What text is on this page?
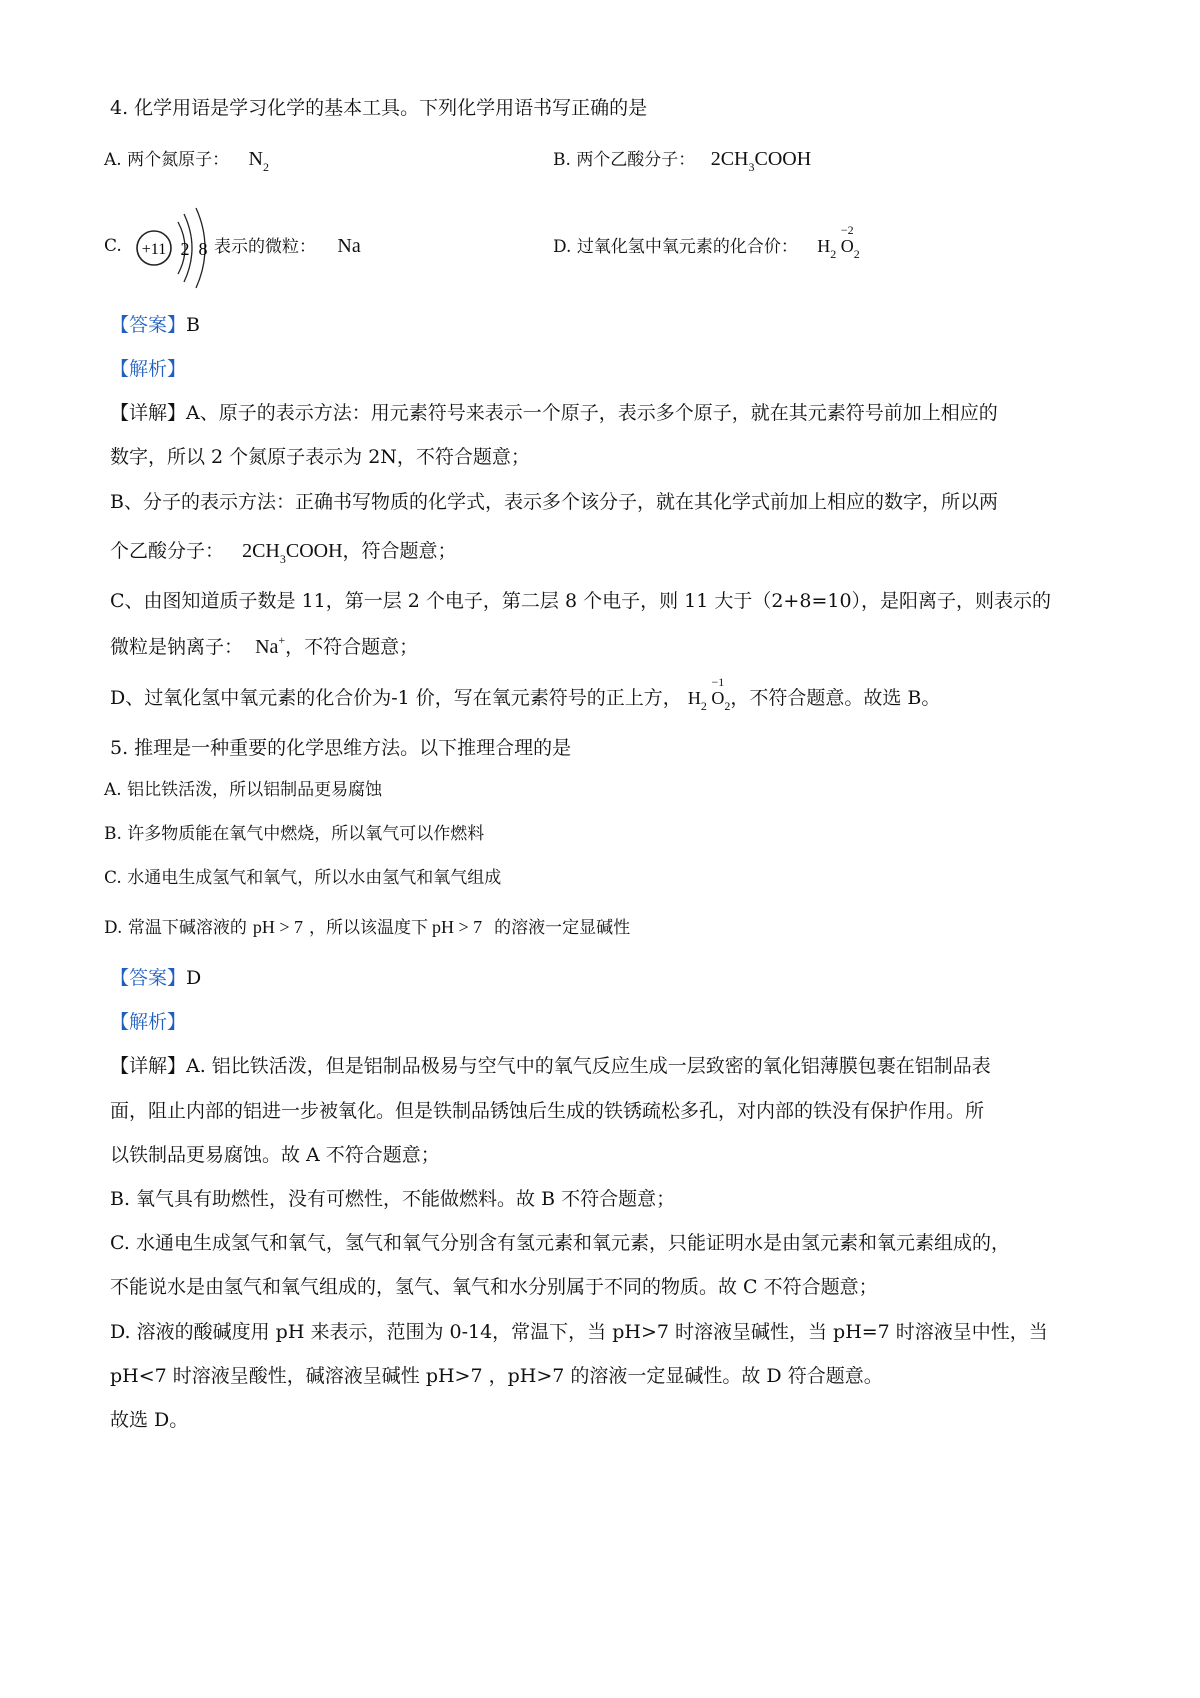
4. 化学用语是学习化学的基本工具。下列化学用语书写正确的是
A. 两个氮原子： $N_2$	B. 两个乙酸分子： $2CH_3COOH$
C. +11 2 8 表示的微粒： Na	D. 过氧化氢中氧元素的化合价： $H_2$
−2
$O_2$
【答案】B
【解析】
【详解】A、原子的表示方法：用元素符号来表示一个原子，表示多个原子，就在其元素符号前加上相应的
数字，所以 2 个氮原子表示为 2N，不符合题意；
B、分子的表示方法：正确书写物质的化学式，表示多个该分子，就在其化学式前加上相应的数字，所以两
个乙酸分子： $2CH_3COOH$，符合题意；
C、由图知道质子数是 11，第一层 2 个电子，第二层 8 个电子，则 11 大于（2+8=10），是阳离子，则表示的
微粒是钠离子： Na+，不符合题意；
D、过氧化氢中氧元素的化合价为-1 价，写在氧元素符号的正上方， $H_2$
−1
$O_2$，不符合题意。故选 B。
5. 推理是一种重要的化学思维方法。以下推理合理的是
A. 铝比铁活泼，所以铝制品更易腐蚀
B. 许多物质能在氧气中燃烧，所以氧气可以作燃料
C. 水通电生成氢气和氧气，所以水由氢气和氧气组成
D. 常温下碱溶液的 pH > 7 ，所以该温度下 pH > 7 的溶液一定显碱性
【答案】D
【解析】
【详解】A. 铝比铁活泼，但是铝制品极易与空气中的氧气反应生成一层致密的氧化铝薄膜包裹在铝制品表
面，阻止内部的铝进一步被氧化。但是铁制品锈蚀后生成的铁锈疏松多孔，对内部的铁没有保护作用。所
以铁制品更易腐蚀。故 A 不符合题意；
B. 氧气具有助燃性，没有可燃性，不能做燃料。故 B 不符合题意；
C. 水通电生成氢气和氧气，氢气和氧气分别含有氢元素和氧元素，只能证明水是由氢元素和氧元素组成的，
不能说水是由氢气和氧气组成的，氢气、氧气和水分别属于不同的物质。故 C 不符合题意；
D. 溶液的酸碱度用 pH 来表示，范围为 0-14，常温下，当 pH>7 时溶液呈碱性，当 pH=7 时溶液呈中性，当
pH<7 时溶液呈酸性，碱溶液呈碱性 pH>7 ，pH>7 的溶液一定显碱性。故 D 符合题意。
故选 D。
